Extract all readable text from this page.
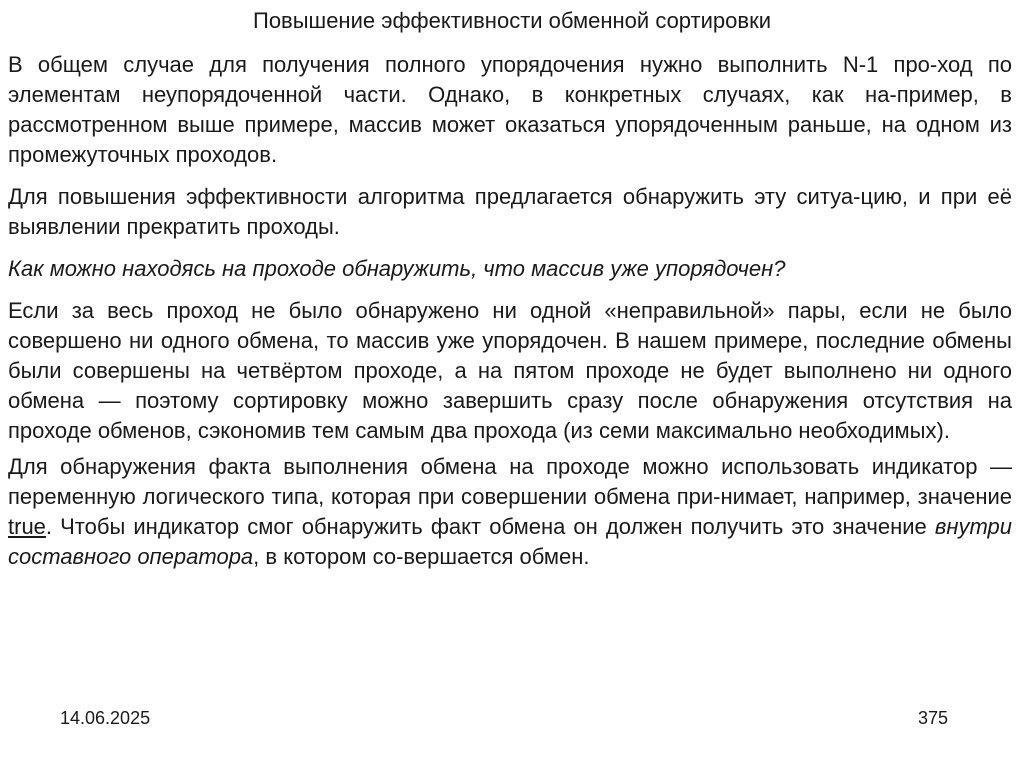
Повышение эффективности обменной сортировки

В общем случае для получения полного упорядочения нужно выполнить N-1 про-ход по элементам неупорядоченной части. Однако, в конкретных случаях, как на-пример, в рассмотренном выше примере, массив может оказаться упорядоченным раньше, на одном из промежуточных проходов.

Для повышения эффективности алгоритма предлагается обнаружить эту ситуа-цию, и при её выявлении прекратить проходы.

Как можно находясь на проходе обнаружить, что массив уже упорядочен?

Если за весь проход не было обнаружено ни одной «неправильной» пары, если не было совершено ни одного обмена, то массив уже упорядочен. В нашем примере, последние обмены были совершены на четвёртом проходе, а на пятом проходе не будет выполнено ни одного обмена — поэтому сортировку можно завершить сразу после обнаружения отсутствия на проходе обменов, сэкономив тем самым два прохода (из семи максимально необходимых).

Для обнаружения факта выполнения обмена на проходе можно использовать индикатор — переменную логического типа, которая при совершении обмена при-нимает, например, значение true. Чтобы индикатор смог обнаружить факт обмена он должен получить это значение внутри составного оператора, в котором со-вершается обмен.

14.06.2025	375
